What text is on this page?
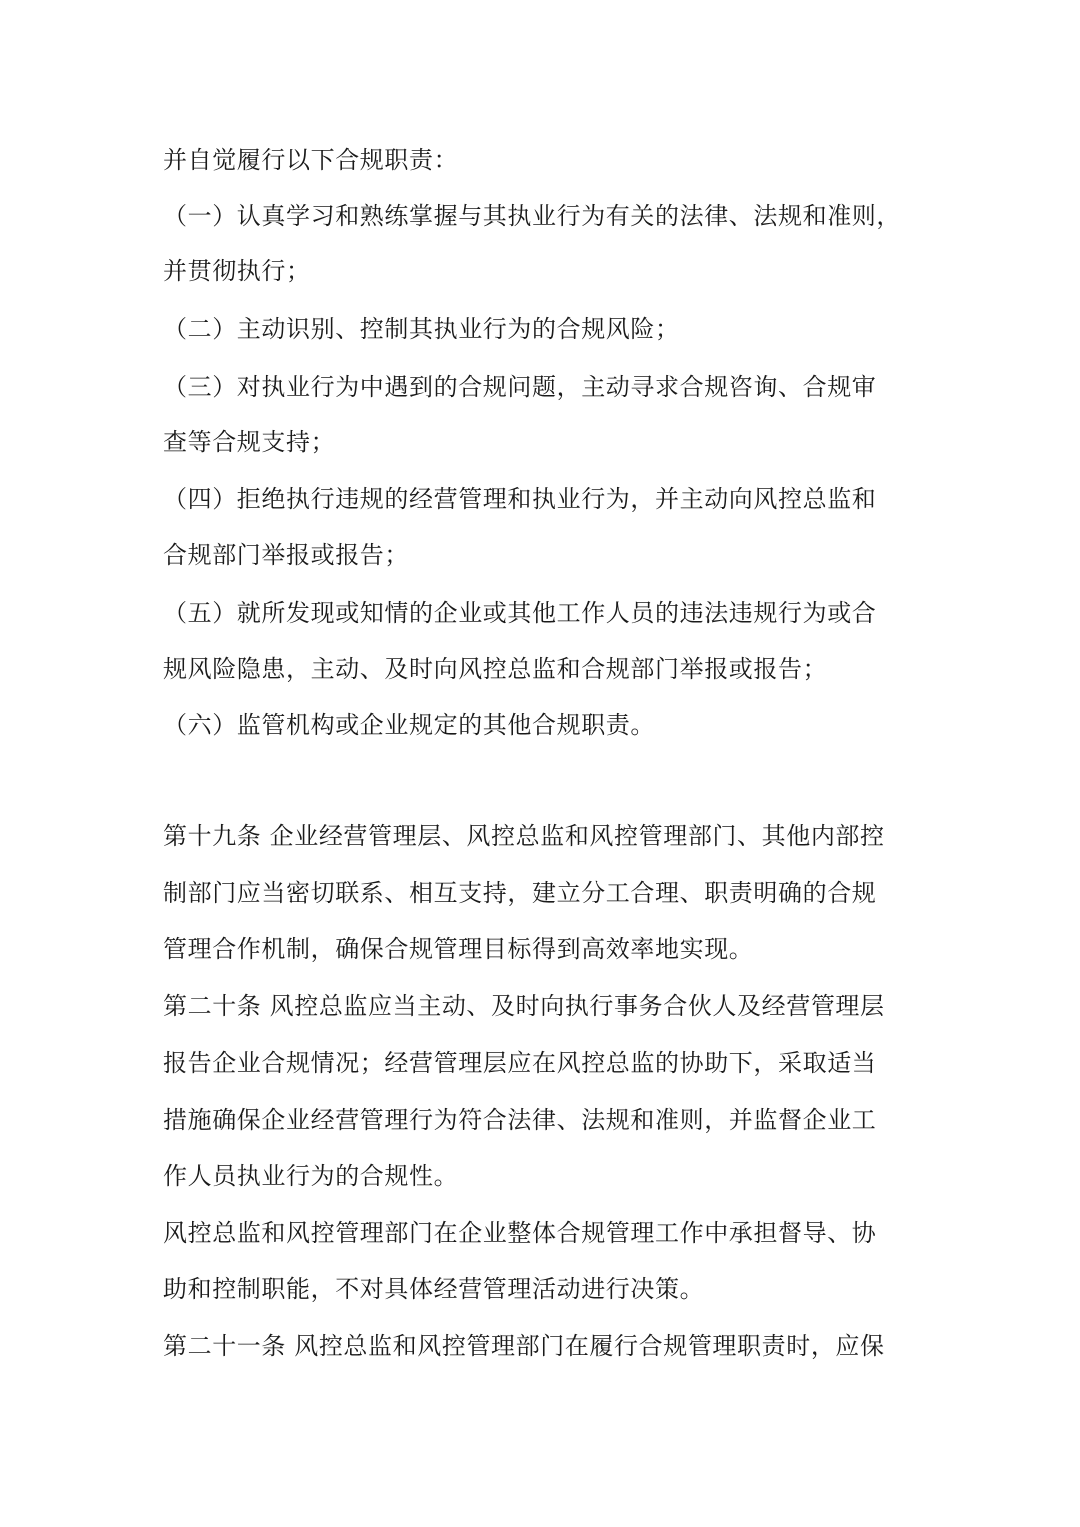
并自觉履行以下合规职责：
（一）认真学习和熟练掌握与其执业行为有关的法律、法规和准则，
并贯彻执行；
（二）主动识别、控制其执业行为的合规风险；
（三）对执业行为中遇到的合规问题，主动寻求合规咨询、合规审
查等合规支持；
（四）拒绝执行违规的经营管理和执业行为，并主动向风控总监和
合规部门举报或报告；
（五）就所发现或知情的企业或其他工作人员的违法违规行为或合
规风险隐患，主动、及时向风控总监和合规部门举报或报告；
（六）监管机构或企业规定的其他合规职责。
第十九条 企业经营管理层、风控总监和风控管理部门、其他内部控
制部门应当密切联系、相互支持，建立分工合理、职责明确的合规
管理合作机制，确保合规管理目标得到高效率地实现。
第二十条 风控总监应当主动、及时向执行事务合伙人及经营管理层
报告企业合规情况；经营管理层应在风控总监的协助下，采取适当
措施确保企业经营管理行为符合法律、法规和准则，并监督企业工
作人员执业行为的合规性。
风控总监和风控管理部门在企业整体合规管理工作中承担督导、协
助和控制职能，不对具体经营管理活动进行决策。
第二十一条 风控总监和风控管理部门在履行合规管理职责时，应保
